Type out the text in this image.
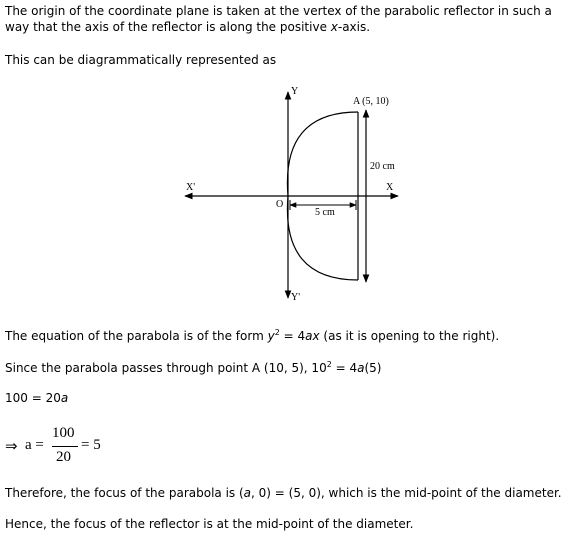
The origin of the coordinate plane is taken at the vertex of the parabolic reflector in such a way that the axis of the reflector is along the positive x-axis.

This can be diagrammatically represented as

Y
Y'
X
X'
O
A (5, 10)
20 cm
5 cm

The equation of the parabola is of the form $y^2 = 4ax$ (as it is opening to the right).

Since the parabola passes through point A (10, 5), $10^2 = 4a(5)$

100 = 20a

⇒ a =
100
20
= 5

Therefore, the focus of the parabola is (a, 0) = (5, 0), which is the mid-point of the diameter.

Hence, the focus of the reflector is at the mid-point of the diameter.
